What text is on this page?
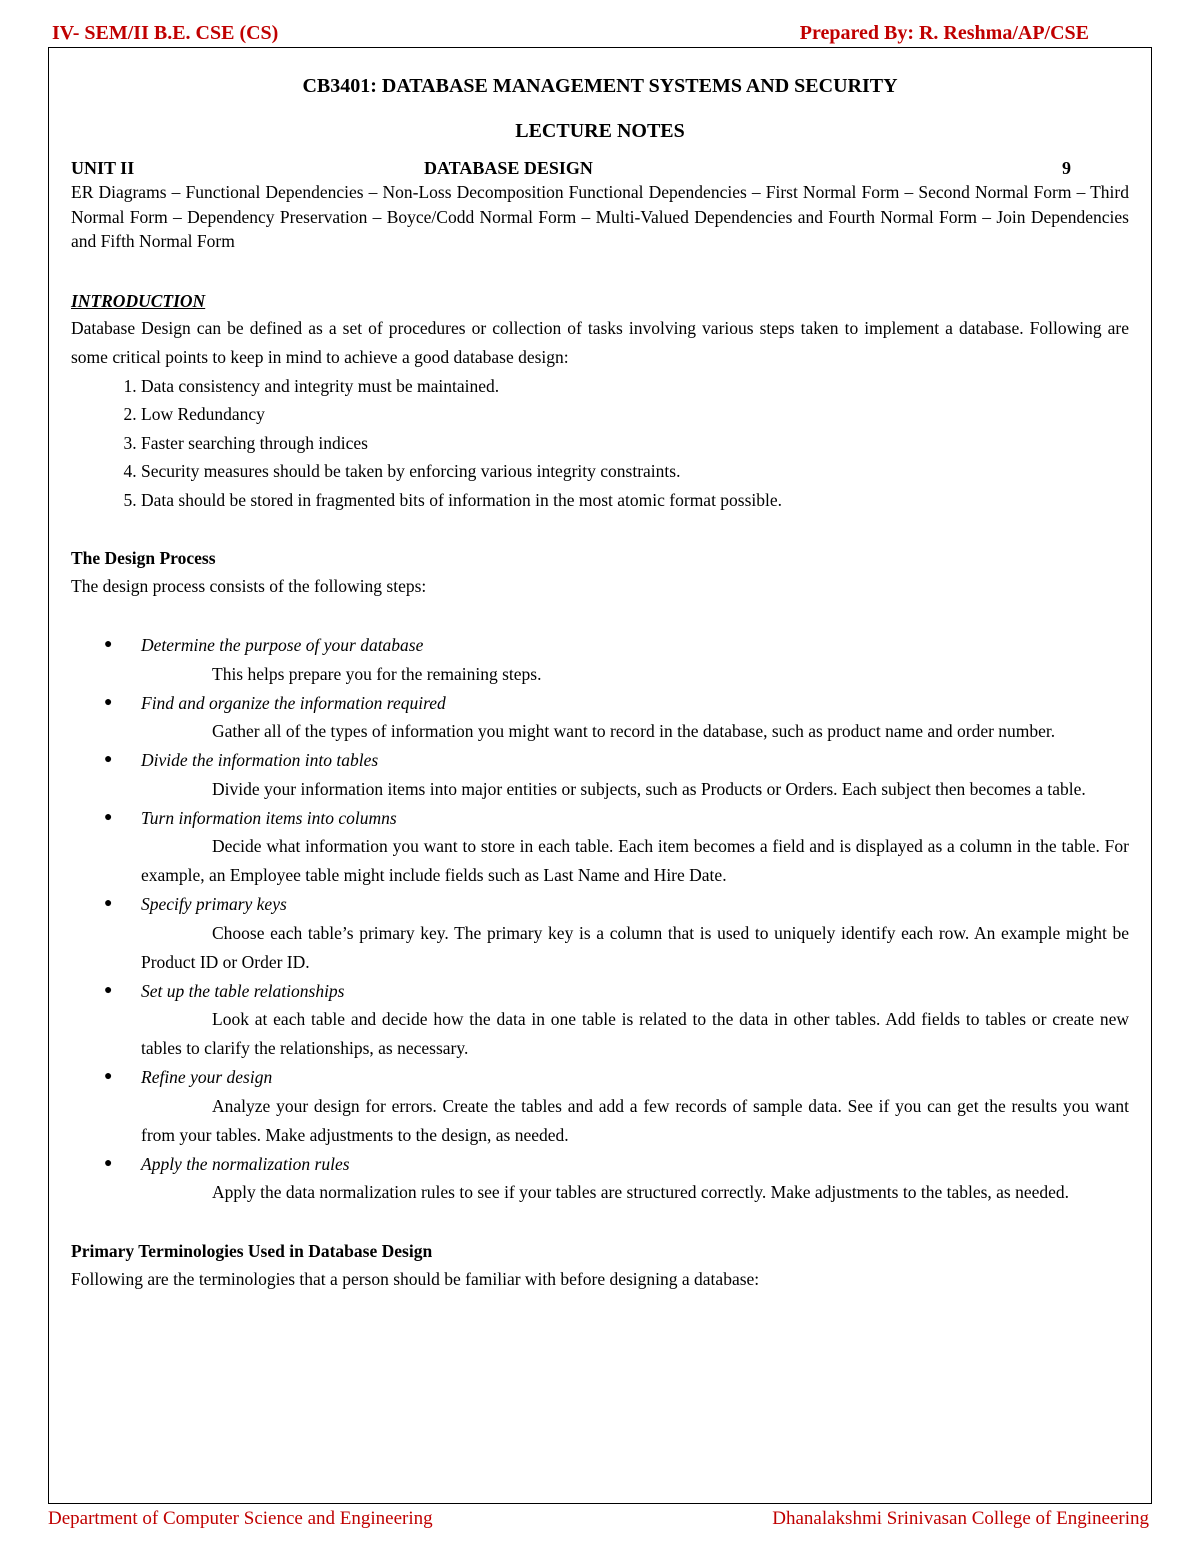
IV- SEM/II B.E. CSE (CS)	Prepared By: R. Reshma/AP/CSE
CB3401: DATABASE MANAGEMENT SYSTEMS AND SECURITY
LECTURE NOTES
UNIT II	DATABASE DESIGN	9
ER Diagrams – Functional Dependencies – Non-Loss Decomposition Functional Dependencies – First Normal Form – Second Normal Form – Third Normal Form – Dependency Preservation – Boyce/Codd Normal Form – Multi-Valued Dependencies and Fourth Normal Form – Join Dependencies and Fifth Normal Form
INTRODUCTION
Database Design can be defined as a set of procedures or collection of tasks involving various steps taken to implement a database. Following are some critical points to keep in mind to achieve a good database design:
1. Data consistency and integrity must be maintained.
2. Low Redundancy
3. Faster searching through indices
4. Security measures should be taken by enforcing various integrity constraints.
5. Data should be stored in fragmented bits of information in the most atomic format possible.
The Design Process
The design process consists of the following steps:
● Determine the purpose of your database
This helps prepare you for the remaining steps.
● Find and organize the information required
Gather all of the types of information you might want to record in the database, such as product name and order number.
● Divide the information into tables
Divide your information items into major entities or subjects, such as Products or Orders. Each subject then becomes a table.
● Turn information items into columns
Decide what information you want to store in each table. Each item becomes a field and is displayed as a column in the table. For example, an Employee table might include fields such as Last Name and Hire Date.
● Specify primary keys
Choose each table’s primary key. The primary key is a column that is used to uniquely identify each row. An example might be Product ID or Order ID.
● Set up the table relationships
Look at each table and decide how the data in one table is related to the data in other tables. Add fields to tables or create new tables to clarify the relationships, as necessary.
● Refine your design
Analyze your design for errors. Create the tables and add a few records of sample data. See if you can get the results you want from your tables. Make adjustments to the design, as needed.
● Apply the normalization rules
Apply the data normalization rules to see if your tables are structured correctly. Make adjustments to the tables, as needed.
Primary Terminologies Used in Database Design
Following are the terminologies that a person should be familiar with before designing a database:
Department of Computer Science and Engineering	Dhanalakshmi Srinivasan College of Engineering
